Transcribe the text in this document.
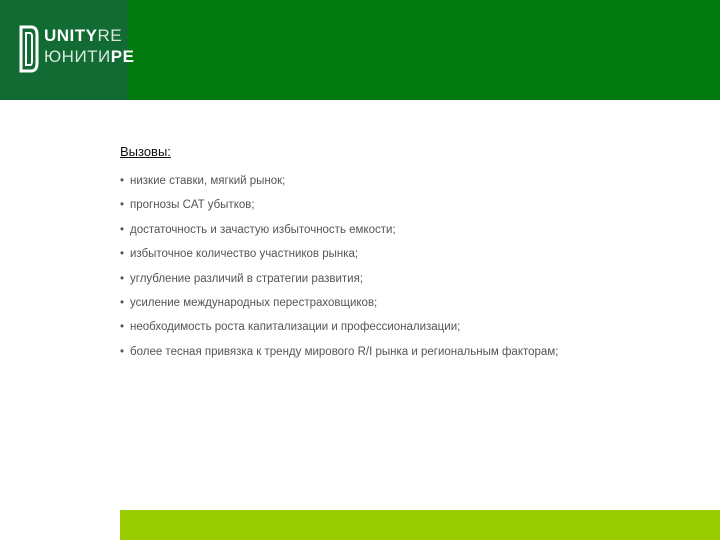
UNITYRE
ЮНИТИРЕ
Вызовы:
• низкие ставки, мягкий рынок;
• прогнозы CAT убытков;
• достаточность и зачастую избыточность емкости;
• избыточное количество участников рынка;
• углубление различий в стратегии развития;
• усиление международных перестраховщиков;
• необходимость роста капитализации и профессионализации;
• более тесная привязка к тренду мирового R/I рынка и региональным факторам;
